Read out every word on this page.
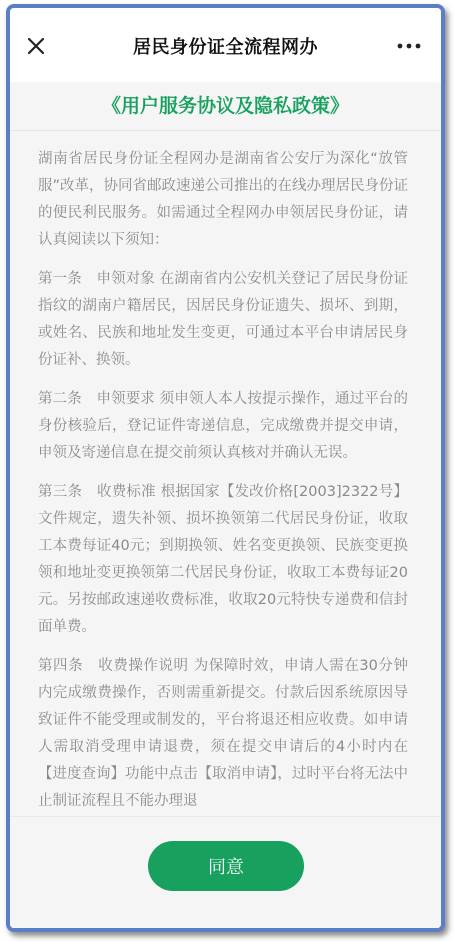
居民身份证全流程网办
《用户服务协议及隐私政策》

湖南省居民身份证全程网办是湖南省公安厅为深化“放管服”改革，协同省邮政速递公司推出的在线办理居民身份证的便民利民服务。如需通过全程网办申领居民身份证，请认真阅读以下须知：

第一条　申领对象 在湖南省内公安机关登记了居民身份证指纹的湖南户籍居民，因居民身份证遗失、损坏、到期，或姓名、民族和地址发生变更，可通过本平台申请居民身份证补、换领。

第二条　申领要求 须申领人本人按提示操作，通过平台的身份核验后，登记证件寄递信息，完成缴费并提交申请，申领及寄递信息在提交前须认真核对并确认无误。

第三条　收费标准 根据国家【发改价格[2003]2322号】文件规定，遗失补领、损坏换领第二代居民身份证，收取工本费每证40元；到期换领、姓名变更换领、民族变更换领和地址变更换领第二代居民身份证，收取工本费每证20元。另按邮政速递收费标准，收取20元特快专递费和信封面单费。

第四条　收费操作说明 为保障时效，申请人需在30分钟内完成缴费操作，否则需重新提交。付款后因系统原因导致证件不能受理或制发的，平台将退还相应收费。如申请人需取消受理申请退费，须在提交申请后的4小时内在【进度查询】功能中点击【取消申请】，过时平台将无法中止制证流程且不能办理退

同意
